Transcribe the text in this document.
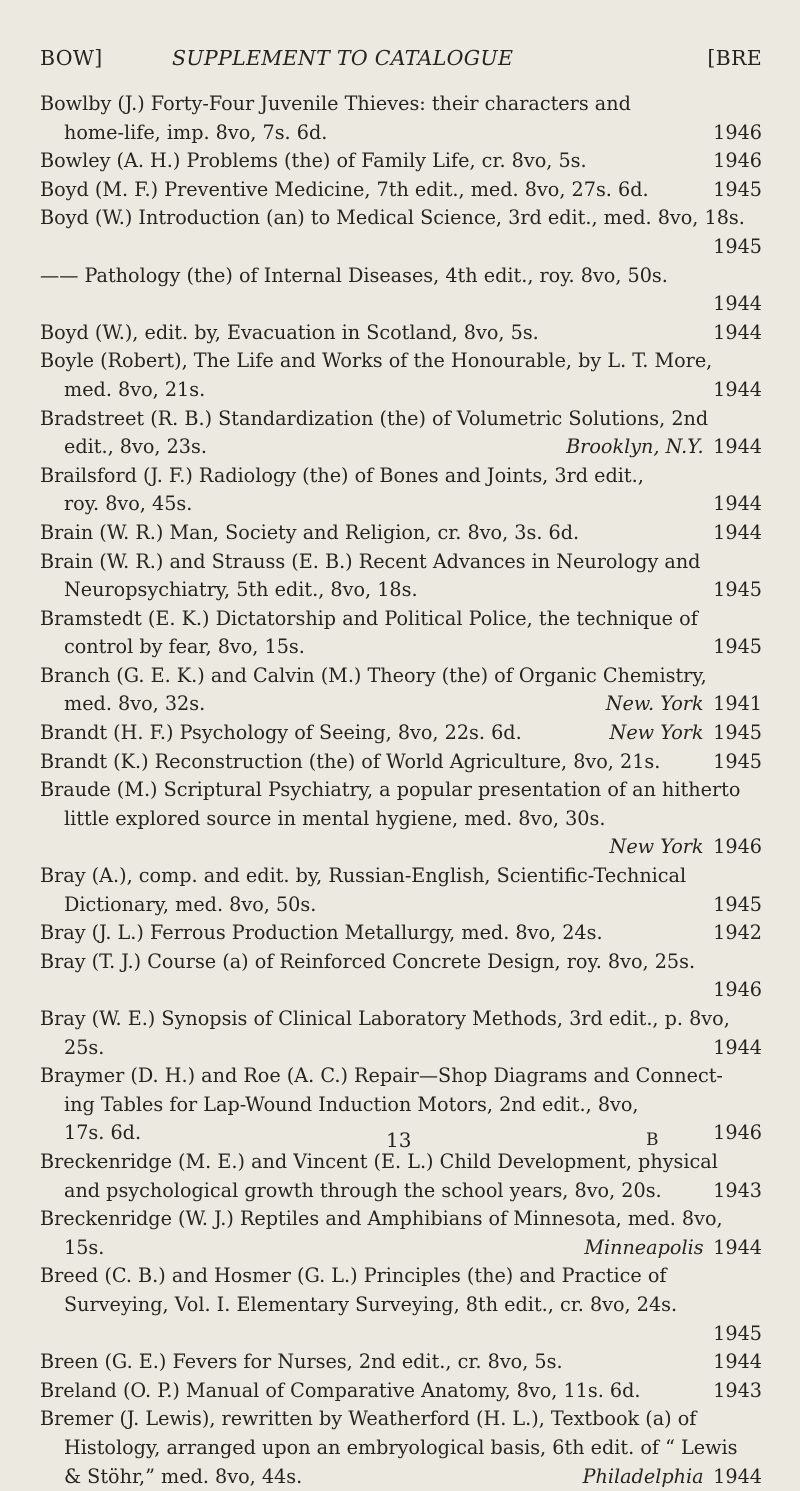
BOW]	SUPPLEMENT TO CATALOGUE	[BRE
Bowlby (J.) Forty-Four Juvenile Thieves: their characters and
home-life, imp. 8vo, 7s. 6d.	1946
Bowley (A. H.) Problems (the) of Family Life, cr. 8vo, 5s.	1946
Boyd (M. F.) Preventive Medicine, 7th edit., med. 8vo, 27s. 6d.	1945
Boyd (W.) Introduction (an) to Medical Science, 3rd edit., med. 8vo, 18s.
1945
—— Pathology (the) of Internal Diseases, 4th edit., roy. 8vo, 50s.
1944
Boyd (W.), edit. by, Evacuation in Scotland, 8vo, 5s.	1944
Boyle (Robert), The Life and Works of the Honourable, by L. T. More,
med. 8vo, 21s.	1944
Bradstreet (R. B.) Standardization (the) of Volumetric Solutions, 2nd
edit., 8vo, 23s.	Brooklyn, N.Y.  1944
Brailsford (J. F.) Radiology (the) of Bones and Joints, 3rd edit.,
roy. 8vo, 45s.	1944
Brain (W. R.) Man, Society and Religion, cr. 8vo, 3s. 6d.	1944
Brain (W. R.) and Strauss (E. B.) Recent Advances in Neurology and
Neuropsychiatry, 5th edit., 8vo, 18s.	1945
Bramstedt (E. K.) Dictatorship and Political Police, the technique of
control by fear, 8vo, 15s.	1945
Branch (G. E. K.) and Calvin (M.) Theory (the) of Organic Chemistry,
med. 8vo, 32s.	New. York  1941
Brandt (H. F.) Psychology of Seeing, 8vo, 22s. 6d.	New York  1945
Brandt (K.) Reconstruction (the) of World Agriculture, 8vo, 21s.	1945
Braude (M.) Scriptural Psychiatry, a popular presentation of an hitherto
little explored source in mental hygiene, med. 8vo, 30s.
New York  1946
Bray (A.), comp. and edit. by, Russian-English, Scientific-Technical
Dictionary, med. 8vo, 50s.	1945
Bray (J. L.) Ferrous Production Metallurgy, med. 8vo, 24s.	1942
Bray (T. J.) Course (a) of Reinforced Concrete Design, roy. 8vo, 25s.
1946
Bray (W. E.) Synopsis of Clinical Laboratory Methods, 3rd edit., p. 8vo,
25s.	1944
Braymer (D. H.) and Roe (A. C.) Repair—Shop Diagrams and Connect-
ing Tables for Lap-Wound Induction Motors, 2nd edit., 8vo,
17s. 6d.	1946
Breckenridge (M. E.) and Vincent (E. L.) Child Development, physical
and psychological growth through the school years, 8vo, 20s.	1943
Breckenridge (W. J.) Reptiles and Amphibians of Minnesota, med. 8vo,
15s.	Minneapolis  1944
Breed (C. B.) and Hosmer (G. L.) Principles (the) and Practice of
Surveying, Vol. I. Elementary Surveying, 8th edit., cr. 8vo, 24s.
1945
Breen (G. E.) Fevers for Nurses, 2nd edit., cr. 8vo, 5s.	1944
Breland (O. P.) Manual of Comparative Anatomy, 8vo, 11s. 6d.	1943
Bremer (J. Lewis), rewritten by Weatherford (H. L.), Textbook (a) of
Histology, arranged upon an embryological basis, 6th edit. of “ Lewis
& Stöhr,” med. 8vo, 44s.	Philadelphia  1944
13	B
